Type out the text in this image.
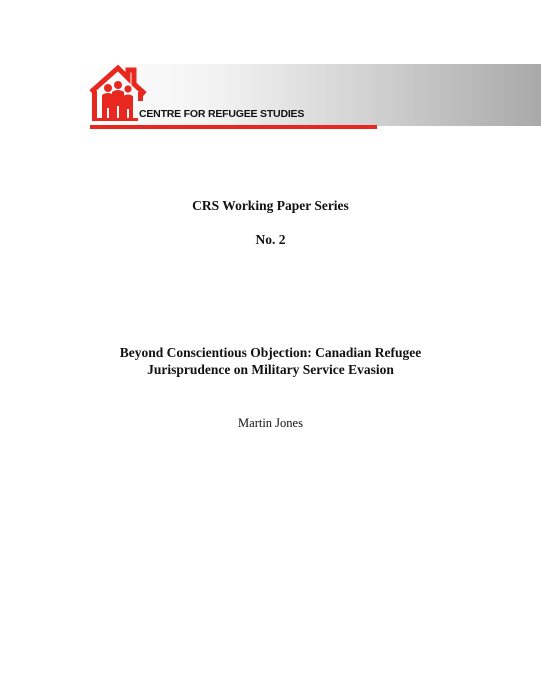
CENTRE FOR REFUGEE STUDIES
CRS Working Paper Series
No. 2
Beyond Conscientious Objection: Canadian Refugee
Jurisprudence on Military Service Evasion
Martin Jones
